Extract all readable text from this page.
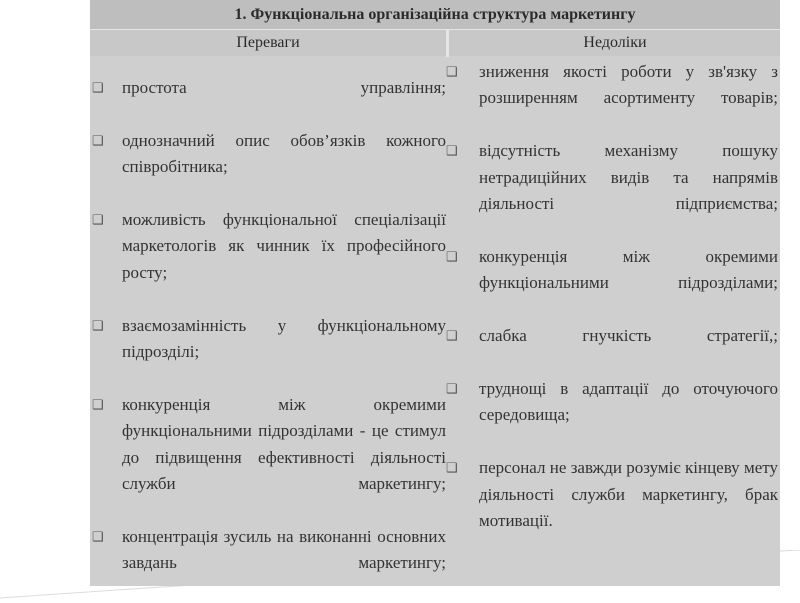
1. Функціональна організаційна структура маркетингу
Переваги	Недоліки
❑ простота управління;
❑ однозначний опис обов’язків кожного співробітника;
❑ можливість функціональної спеціалізації маркетологів як чинник їх професійного росту;
❑ взаємозамінність у функціональному підрозділі;
❑ конкуренція між окремими функціональними підрозділами - це стимул до підвищення ефективності діяльності служби маркетингу;
❑ концентрація зусиль на виконанні основних завдань маркетингу;
❑ зниження якості роботи у зв'язку з розширенням асортименту товарів;
❑ відсутність механізму пошуку нетрадиційних видів та напрямів діяльності підприємства;
❑ конкуренція між окремими функціональними підрозділами;
❑ слабка гнучкість стратегії,;
❑ труднощі в адаптації до оточуючого середовища;
❑ персонал не завжди розуміє кінцеву мету діяльності служби маркетингу, брак мотивації.
